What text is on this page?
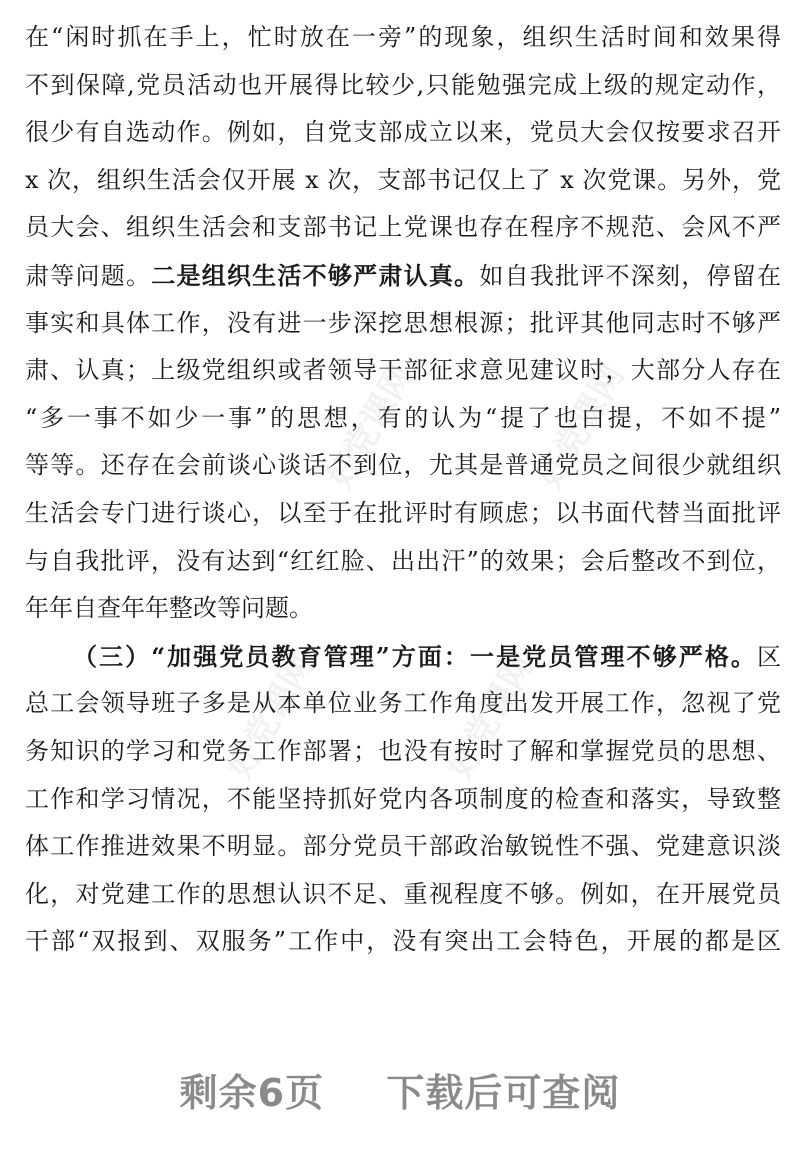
好党课网	好党课网
好党课网	好党课网
在“闲时抓在手上，忙时放在一旁”的现象，组织生活时间和效果得
不到保障,党员活动也开展得比较少,只能勉强完成上级的规定动作，
很少有自选动作。例如，自党支部成立以来，党员大会仅按要求召开
x 次，组织生活会仅开展 x 次，支部书记仅上了 x 次党课。另外，党
员大会、组织生活会和支部书记上党课也存在程序不规范、会风不严
肃等问题。二是组织生活不够严肃认真。如自我批评不深刻，停留在
事实和具体工作，没有进一步深挖思想根源；批评其他同志时不够严
肃、认真；上级党组织或者领导干部征求意见建议时，大部分人存在
“多一事不如少一事”的思想，有的认为“提了也白提，不如不提”
等等。还存在会前谈心谈话不到位，尤其是普通党员之间很少就组织
生活会专门进行谈心，以至于在批评时有顾虑；以书面代替当面批评
与自我批评，没有达到“红红脸、出出汗”的效果；会后整改不到位，
年年自查年年整改等问题。
（三）“加强党员教育管理”方面：一是党员管理不够严格。区
总工会领导班子多是从本单位业务工作角度出发开展工作，忽视了党
务知识的学习和党务工作部署；也没有按时了解和掌握党员的思想、
工作和学习情况，不能坚持抓好党内各项制度的检查和落实，导致整
体工作推进效果不明显。部分党员干部政治敏锐性不强、党建意识淡
化，对党建工作的思想认识不足、重视程度不够。例如，在开展党员
干部“双报到、双服务”工作中，没有突出工会特色，开展的都是区
剩余6页 下载后可查阅
